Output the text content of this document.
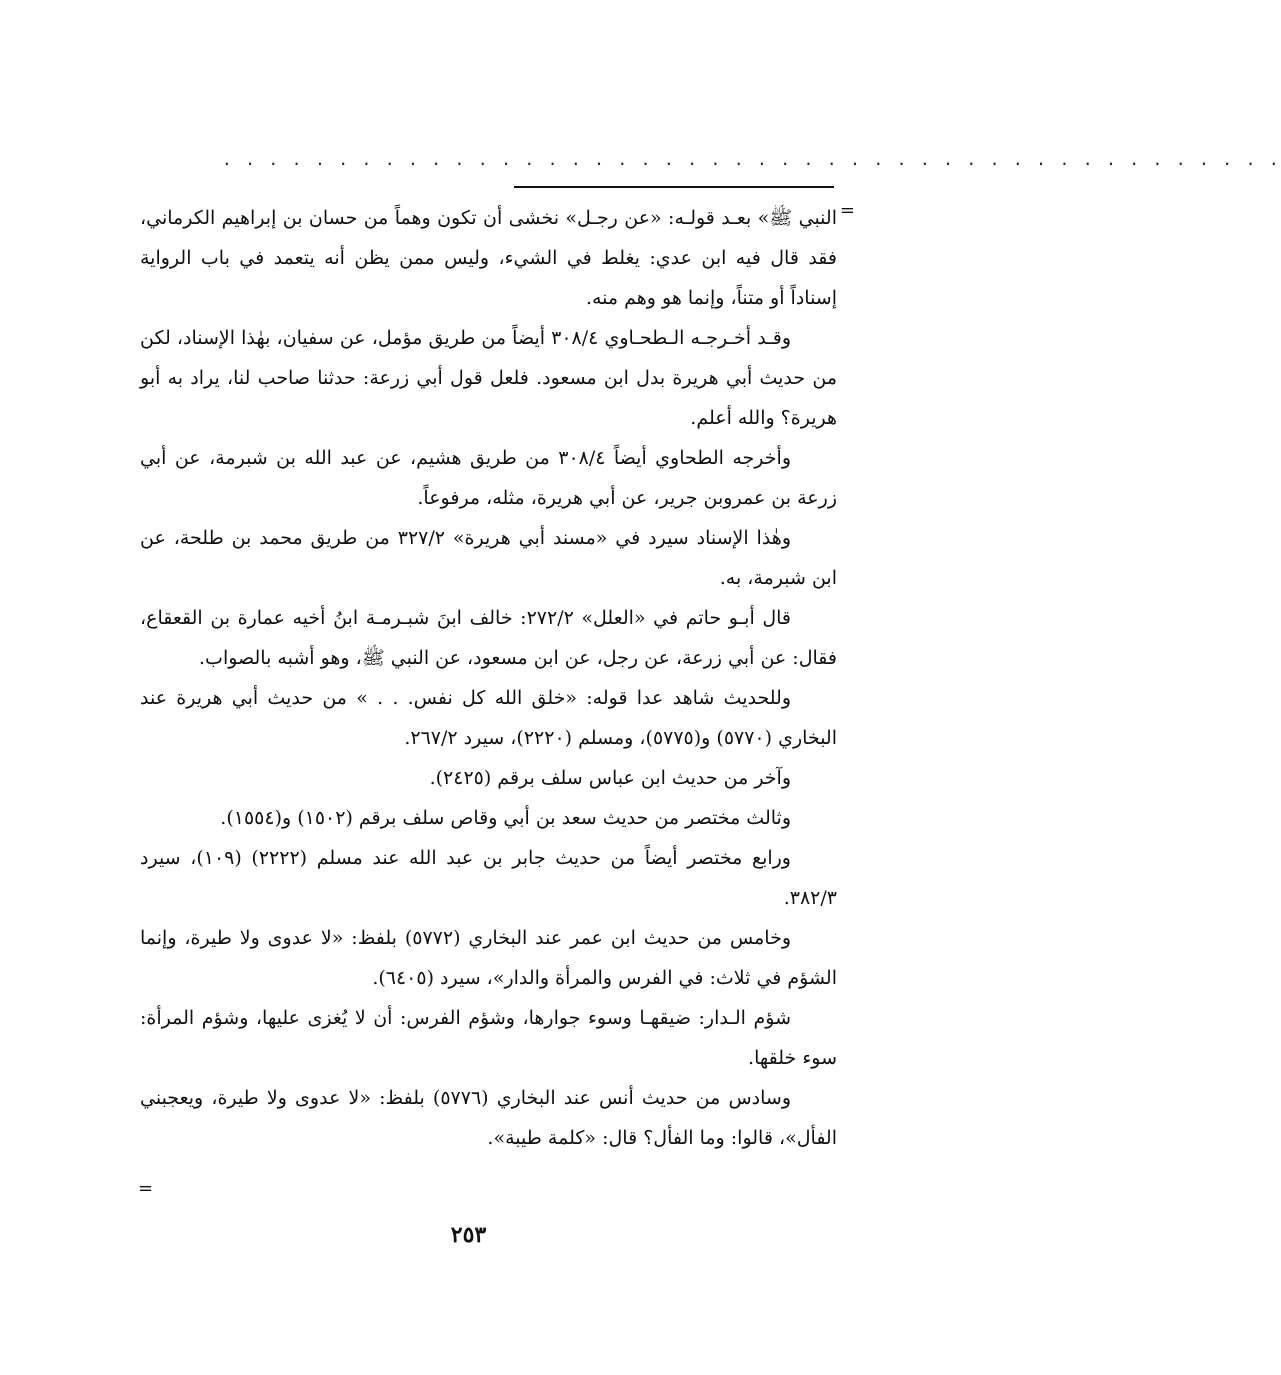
. . . . . . . . . . . . . . . . . . . . . . . . . . . . . . . . . . . . . . . . . . . . . .
=

النبي ﷺ» بعـد قولـه: «عن رجـل» نخشى أن تكون وهماً من حسان بن إبراهيم الكرماني، فقد قال فيه ابن عدي: يغلط في الشيء، وليس ممن يظن أنه يتعمد في باب الرواية إسناداً أو متناً، وإنما هو وهم منه.

وقـد أخـرجـه الـطحـاوي ٣٠٨/٤ أيضاً من طريق مؤمل، عن سفيان، بهٰذا الإسناد، لكن من حديث أبي هريرة بدل ابن مسعود. فلعل قول أبي زرعة: حدثنا صاحب لنا، يراد به أبو هريرة؟ والله أعلم.

وأخرجه الطحاوي أيضاً ٣٠٨/٤ من طريق هشيم، عن عبد الله بن شبرمة، عن أبي زرعة بن عمروبن جرير، عن أبي هريرة، مثله، مرفوعاً.

وهٰذا الإسناد سيرد في «مسند أبي هريرة» ٣٢٧/٢ من طريق محمد بن طلحة، عن ابن شبرمة، به.

قال أبـو حاتم في «العلل» ٢٧٢/٢: خالف ابنَ شبـرمـة ابنُ أخيه عمارة بن القعقاع، فقال: عن أبي زرعة، عن رجل، عن ابن مسعود، عن النبي ﷺ، وهو أشبه بالصواب.

وللحديث شاهد عدا قوله: «خلق الله كل نفس. . . » من حديث أبي هريرة عند البخاري (٥٧٧٠) و(٥٧٧٥)، ومسلم (٢٢٢٠)، سيرد ٢٦٧/٢.

وآخر من حديث ابن عباس سلف برقم (٢٤٢٥).

وثالث مختصر من حديث سعد بن أبي وقاص سلف برقم (١٥٠٢) و(١٥٥٤).

ورابع مختصر أيضاً من حديث جابر بن عبد الله عند مسلم (٢٢٢٢) (١٠٩)، سيرد ٣٨٢/٣.

وخامس من حديث ابن عمر عند البخاري (٥٧٧٢) بلفظ: «لا عدوى ولا طيرة، وإنما الشؤم في ثلاث: في الفرس والمرأة والدار»، سيرد (٦٤٠٥).

شؤم الـدار: ضيقهـا وسوء جوارها، وشؤم الفرس: أن لا يُغزى عليها، وشؤم المرأة: سوء خلقها.

وسادس من حديث أنس عند البخاري (٥٧٧٦) بلفظ: «لا عدوى ولا طيرة، ويعجبني الفأل»، قالوا: وما الفأل؟ قال: «كلمة طيبة».

=
٢٥٣
